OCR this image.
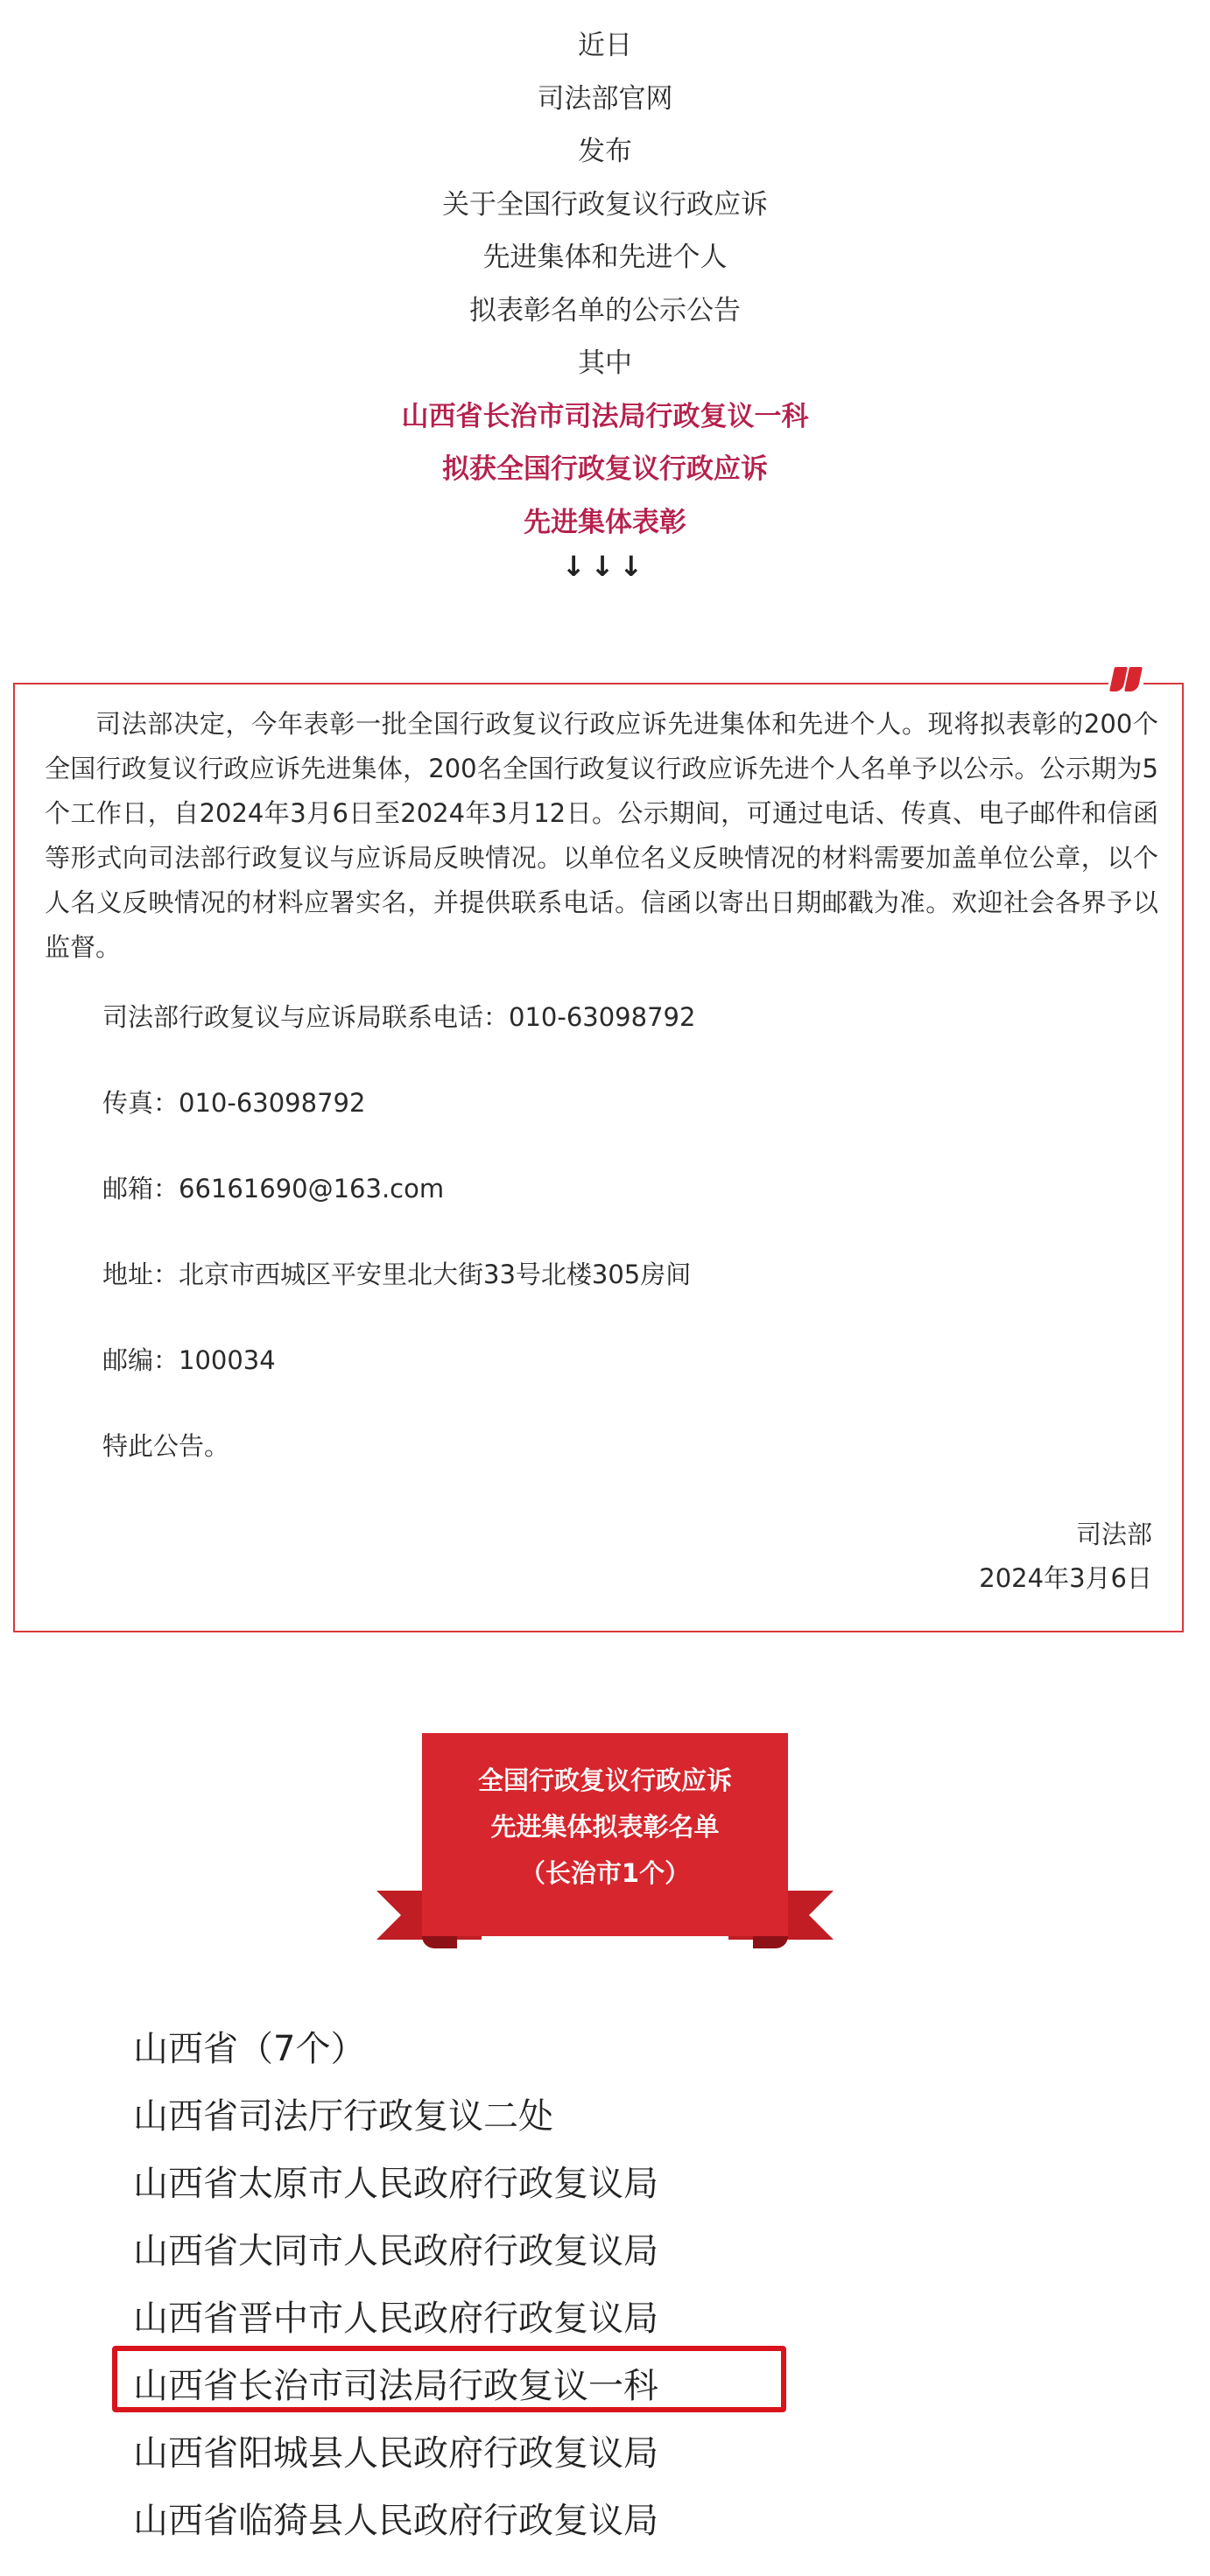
近日
司法部官网
发布
关于全国行政复议行政应诉
先进集体和先进个人
拟表彰名单的公示公告
其中
山西省长治市司法局行政复议一科
拟获全国行政复议行政应诉
先进集体表彰
↓↓↓

司法部决定，今年表彰一批全国行政复议行政应诉先进集体和先进个人。现将拟表彰的200个全国行政复议行政应诉先进集体，200名全国行政复议行政应诉先进个人名单予以公示。公示期为5个工作日，自2024年3月6日至2024年3月12日。公示期间，可通过电话、传真、电子邮件和信函等形式向司法部行政复议与应诉局反映情况。以单位名义反映情况的材料需要加盖单位公章，以个人名义反映情况的材料应署实名，并提供联系电话。信函以寄出日期邮戳为准。欢迎社会各界予以监督。

司法部行政复议与应诉局联系电话：010-63098792
传真：010-63098792
邮箱：66161690@163.com
地址：北京市西城区平安里北大街33号北楼305房间
邮编：100034
特此公告。
司法部
2024年3月6日
全国行政复议行政应诉
先进集体拟表彰名单
（长治市1个）
山西省（7个）
山西省司法厅行政复议二处
山西省太原市人民政府行政复议局
山西省大同市人民政府行政复议局
山西省晋中市人民政府行政复议局
山西省长治市司法局行政复议一科
山西省阳城县人民政府行政复议局
山西省临猗县人民政府行政复议局
